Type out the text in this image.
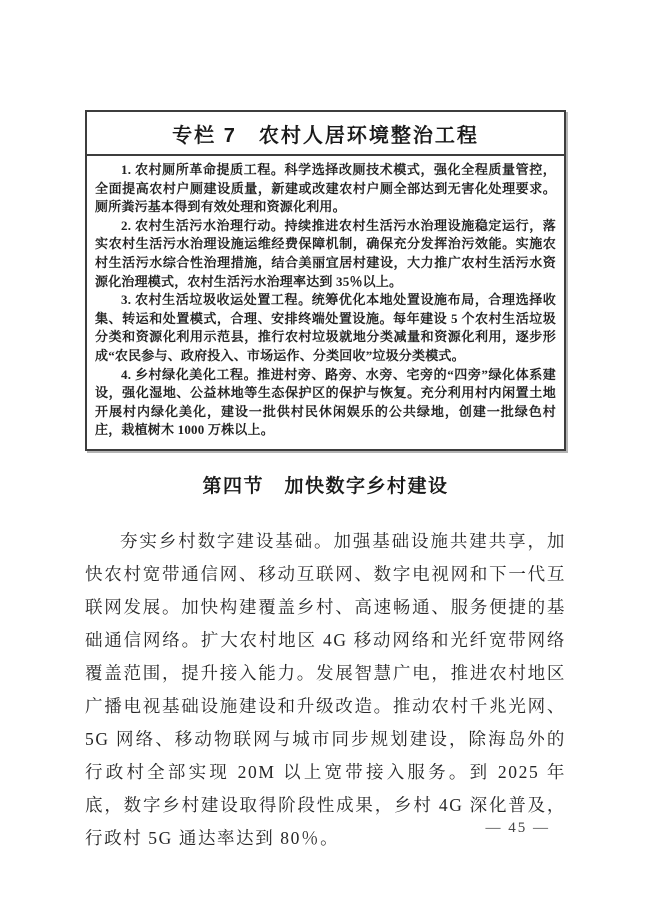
专栏 7　农村人居环境整治工程

1. 农村厕所革命提质工程。科学选择改厕技术模式，强化全程质量管控，全面提高农村户厕建设质量，新建或改建农村户厕全部达到无害化处理要求。厕所粪污基本得到有效处理和资源化利用。

2. 农村生活污水治理行动。持续推进农村生活污水治理设施稳定运行，落实农村生活污水治理设施运维经费保障机制，确保充分发挥治污效能。实施农村生活污水综合性治理措施，结合美丽宜居村建设，大力推广农村生活污水资源化治理模式，农村生活污水治理率达到 35％以上。

3. 农村生活垃圾收运处置工程。统筹优化本地处置设施布局，合理选择收集、转运和处置模式，合理、安排终端处置设施。每年建设 5 个农村生活垃圾分类和资源化利用示范县，推行农村垃圾就地分类减量和资源化利用，逐步形成“农民参与、政府投入、市场运作、分类回收”垃圾分类模式。

4. 乡村绿化美化工程。推进村旁、路旁、水旁、宅旁的“四旁”绿化体系建设，强化湿地、公益林地等生态保护区的保护与恢复。充分利用村内闲置土地开展村内绿化美化，建设一批供村民休闲娱乐的公共绿地，创建一批绿色村庄，栽植树木 1000 万株以上。

第四节　加快数字乡村建设

夯实乡村数字建设基础。加强基础设施共建共享，加快农村宽带通信网、移动互联网、数字电视网和下一代互联网发展。加快构建覆盖乡村、高速畅通、服务便捷的基础通信网络。扩大农村地区 4G 移动网络和光纤宽带网络覆盖范围，提升接入能力。发展智慧广电，推进农村地区广播电视基础设施建设和升级改造。推动农村千兆光网、5G 网络、移动物联网与城市同步规划建设，除海岛外的行政村全部实现 20M 以上宽带接入服务。到 2025 年底，数字乡村建设取得阶段性成果，乡村 4G 深化普及，行政村 5G 通达率达到 80％。	— 45 —
